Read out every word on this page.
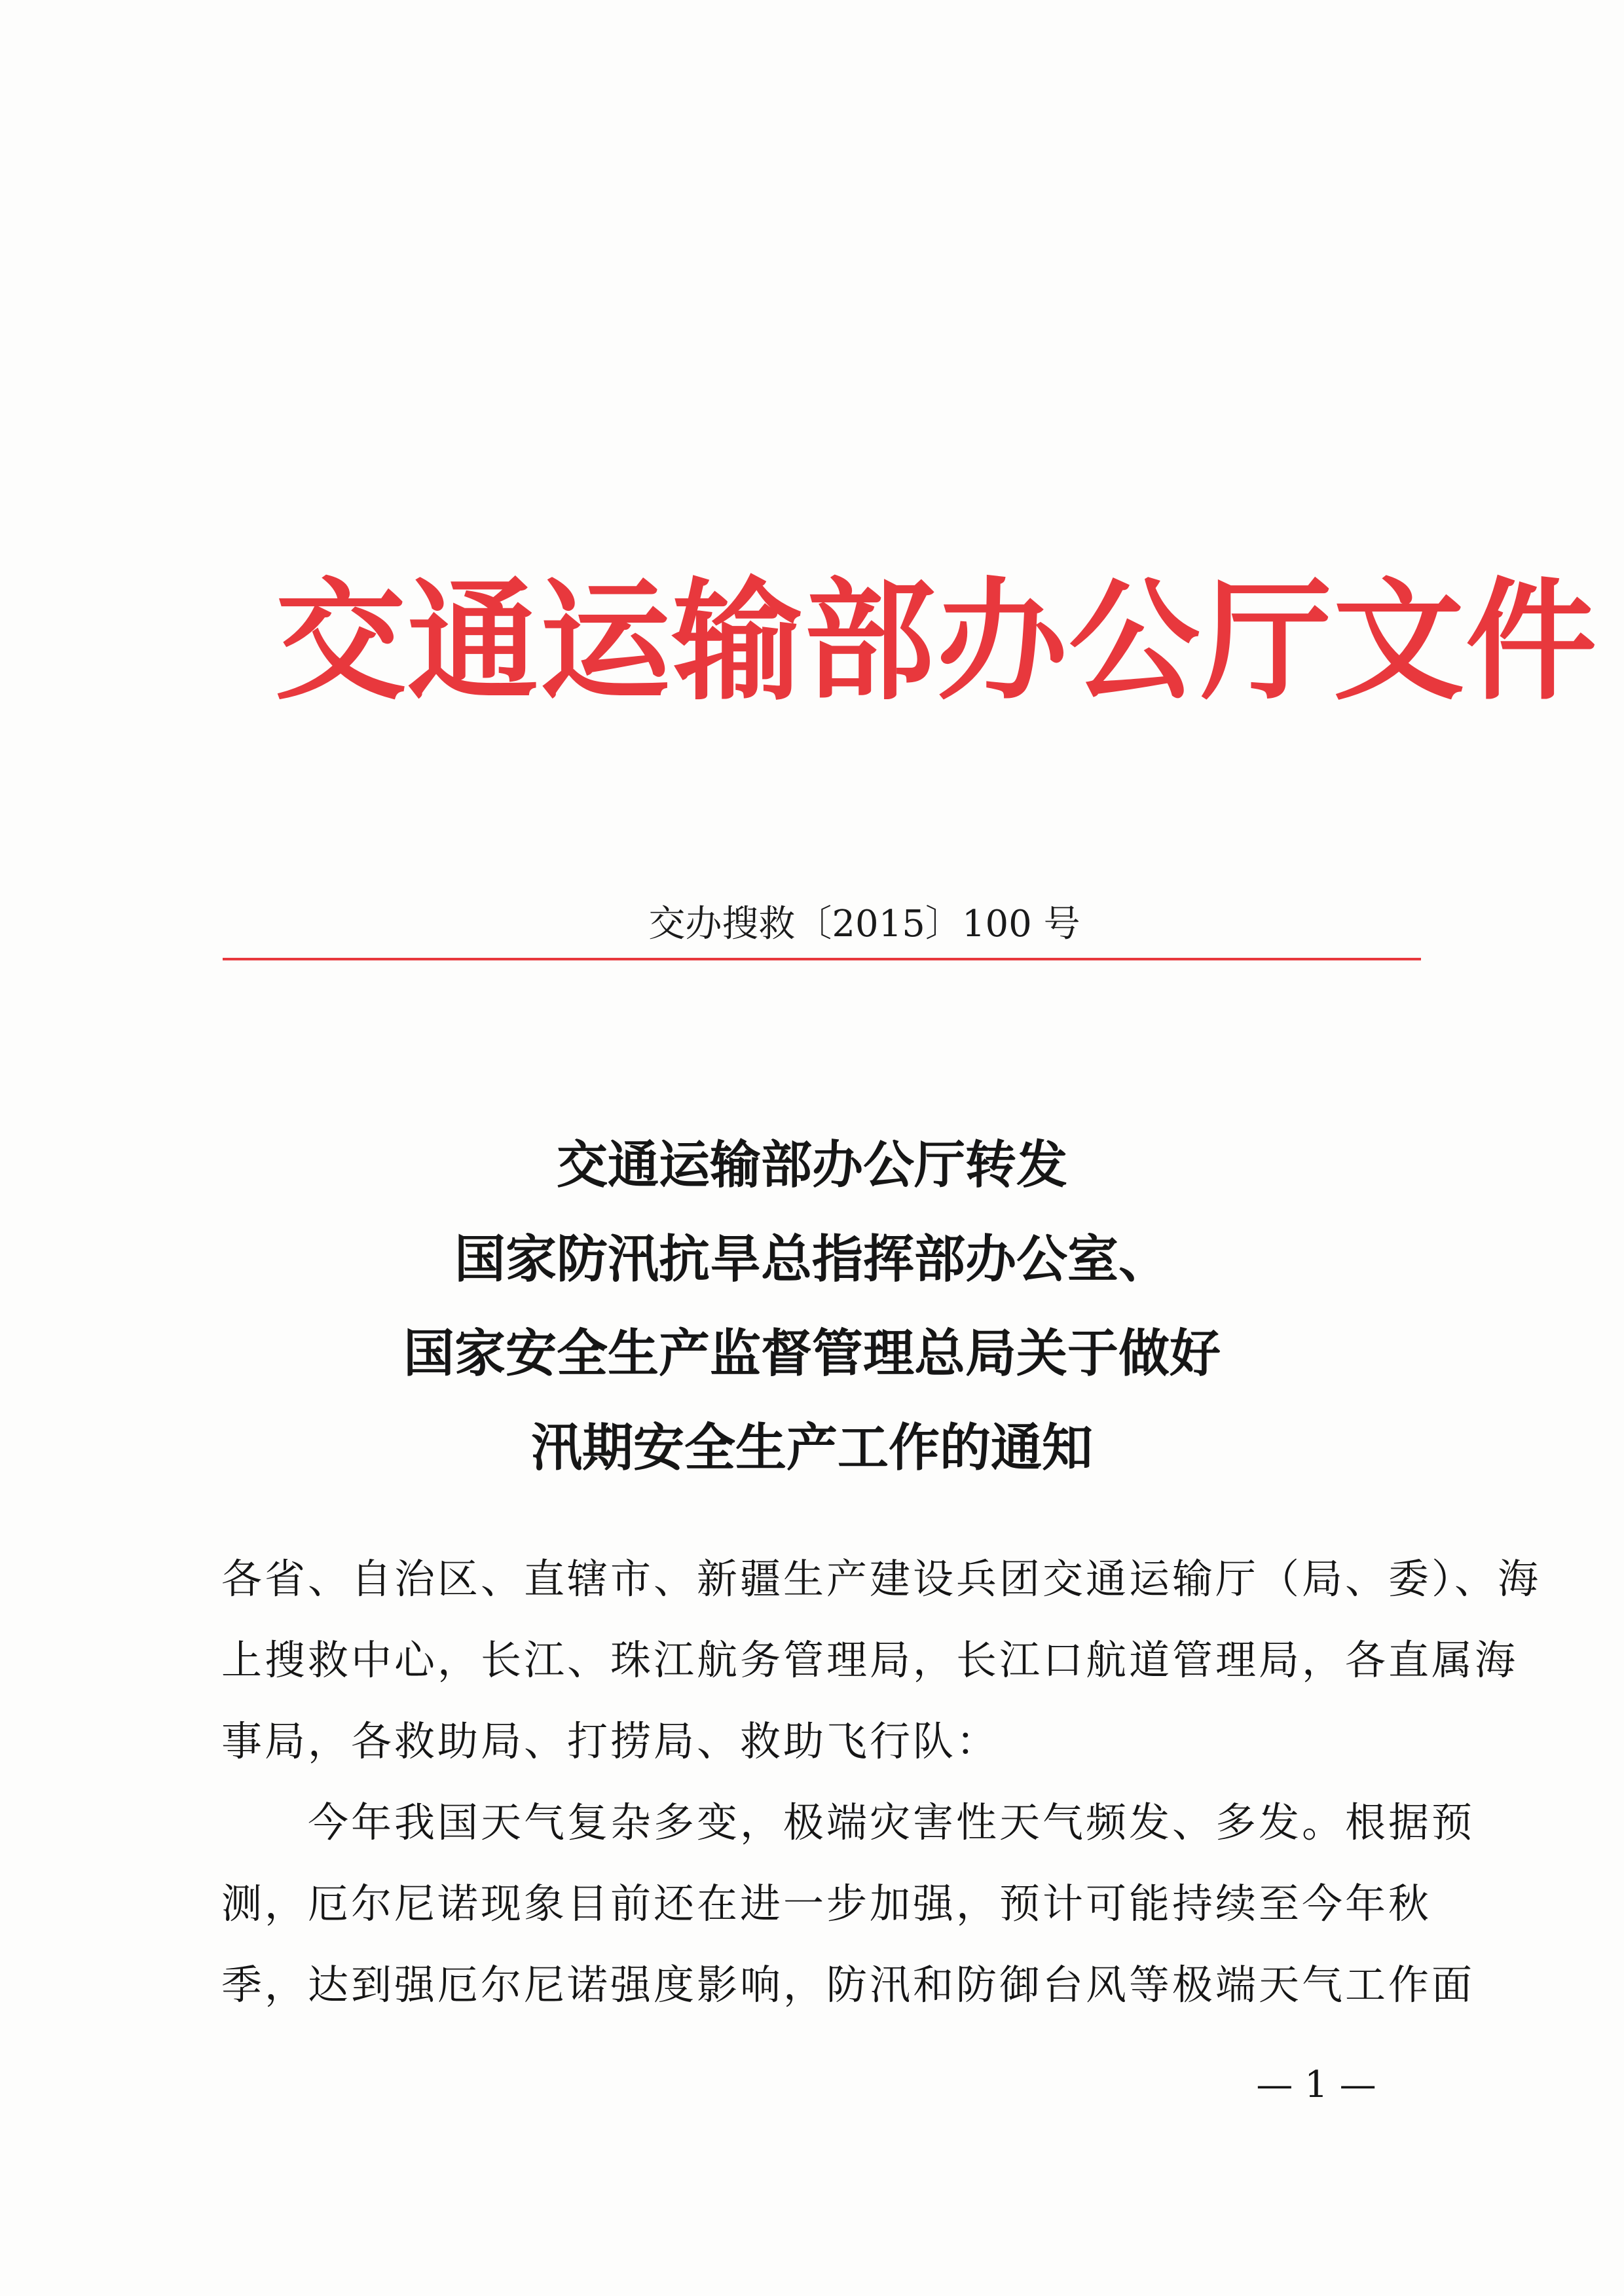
交通运输部办公厅文件
交办搜救〔2015〕100 号
交通运输部办公厅转发
国家防汛抗旱总指挥部办公室、
国家安全生产监督管理总局关于做好
汛期安全生产工作的通知
各省、自治区、直辖市、新疆生产建设兵团交通运输厅（局、委）、海
上搜救中心，长江、珠江航务管理局，长江口航道管理局，各直属海
事局，各救助局、打捞局、救助飞行队：
今年我国天气复杂多变，极端灾害性天气频发、多发。根据预
测，厄尔尼诺现象目前还在进一步加强，预计可能持续至今年秋
季，达到强厄尔尼诺强度影响，防汛和防御台风等极端天气工作面
— 1 —
